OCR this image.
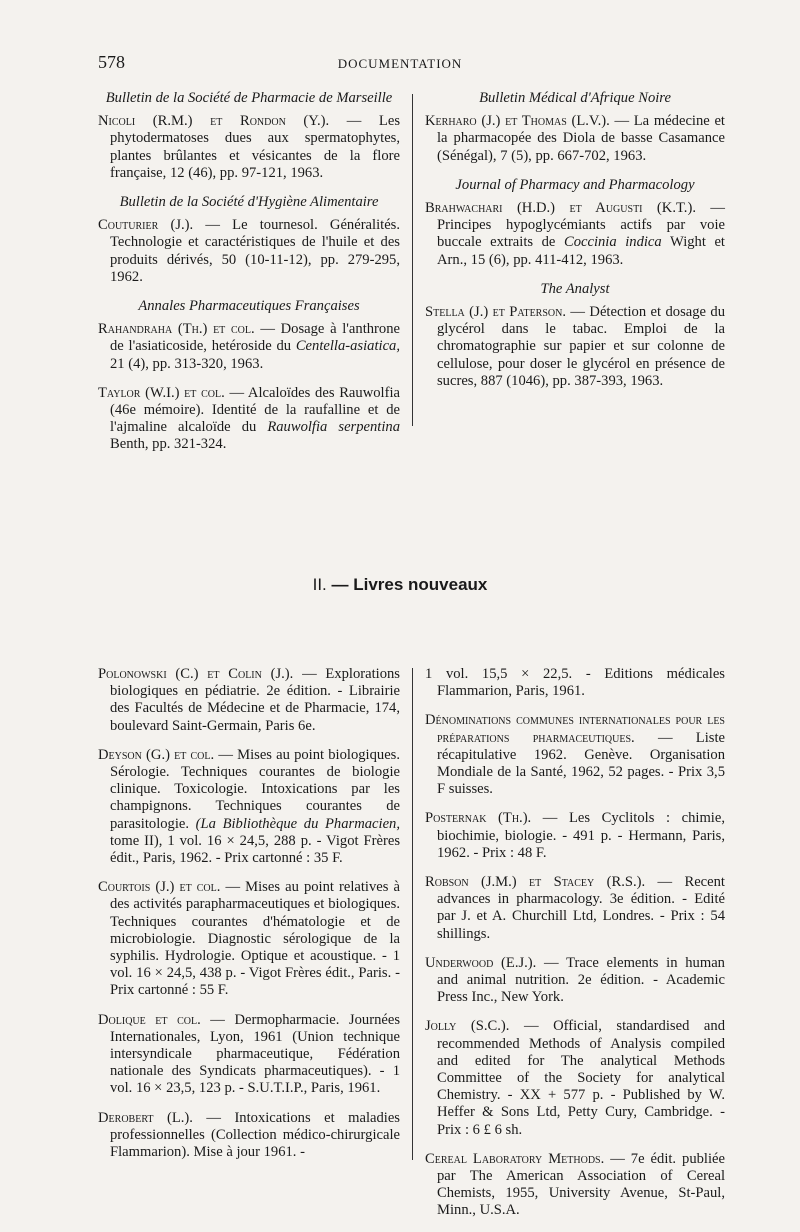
578	DOCUMENTATION

Bulletin de la Société de Pharmacie de Marseille

Nicoli (R.M.) et Rondon (Y.). — Les phytodermatoses dues aux spermatophytes, plantes brûlantes et vésicantes de la flore française, 12 (46), pp. 97-121, 1963.

Bulletin de la Société d'Hygiène Alimentaire

Couturier (J.). — Le tournesol. Généralités. Technologie et caractéristiques de l'huile et des produits dérivés, 50 (10-11-12), pp. 279-295, 1962.

Annales Pharmaceutiques Françaises

Rahandraha (Th.) et col. — Dosage à l'anthrone de l'asiaticoside, hetéroside du Centella-asiatica, 21 (4), pp. 313-320, 1963.

Taylor (W.I.) et col. — Alcaloïdes des Rauwolfia (46e mémoire). Identité de la raufalline et de l'ajmaline alcaloïde du Rauwolfia serpentina Benth, pp. 321-324.

Bulletin Médical d'Afrique Noire

Kerharo (J.) et Thomas (L.V.). — La médecine et la pharmacopée des Diola de basse Casamance (Sénégal), 7 (5), pp. 667-702, 1963.

Journal of Pharmacy and Pharmacology

Brahwachari (H.D.) et Augusti (K.T.). — Principes hypoglycémiants actifs par voie buccale extraits de Coccinia indica Wight et Arn., 15 (6), pp. 411-412, 1963.

The Analyst

Stella (J.) et Paterson. — Détection et dosage du glycérol dans le tabac. Emploi de la chromatographie sur papier et sur colonne de cellulose, pour doser le glycérol en présence de sucres, 887 (1046), pp. 387-393, 1963.

II. — Livres nouveaux

Polonowski (C.) et Colin (J.). — Explorations biologiques en pédiatrie. 2e édition. - Librairie des Facultés de Médecine et de Pharmacie, 174, boulevard Saint-Germain, Paris 6e.

Deyson (G.) et col. — Mises au point biologiques. Sérologie. Techniques courantes de biologie clinique. Toxicologie. Intoxications par les champignons. Techniques courantes de parasitologie. (La Bibliothèque du Pharmacien, tome II), 1 vol. 16 × 24,5, 288 p. - Vigot Frères édit., Paris, 1962. - Prix cartonné : 35 F.

Courtois (J.) et col. — Mises au point relatives à des activités parapharmaceutiques et biologiques. Techniques courantes d'hématologie et de microbiologie. Diagnostic sérologique de la syphilis. Hydrologie. Optique et acoustique. - 1 vol. 16 × 24,5, 438 p. - Vigot Frères édit., Paris. - Prix cartonné : 55 F.

Dolique et col. — Dermopharmacie. Journées Internationales, Lyon, 1961 (Union technique intersyndicale pharmaceutique, Fédération nationale des Syndicats pharmaceutiques). - 1 vol. 16 × 23,5, 123 p. - S.U.T.I.P., Paris, 1961.

Derobert (L.). — Intoxications et maladies professionnelles (Collection médico-chirurgicale Flammarion). Mise à jour 1961. -

1 vol. 15,5 × 22,5. - Editions médicales Flammarion, Paris, 1961.

Dénominations communes internationales pour les préparations pharmaceutiques. — Liste récapitulative 1962. Genève. Organisation Mondiale de la Santé, 1962, 52 pages. - Prix 3,5 F suisses.

Posternak (Th.). — Les Cyclitols : chimie, biochimie, biologie. - 491 p. - Hermann, Paris, 1962. - Prix : 48 F.

Robson (J.M.) et Stacey (R.S.). — Recent advances in pharmacology. 3e édition. - Edité par J. et A. Churchill Ltd, Londres. - Prix : 54 shillings.

Underwood (E.J.). — Trace elements in human and animal nutrition. 2e édition. - Academic Press Inc., New York.

Jolly (S.C.). — Official, standardised and recommended Methods of Analysis compiled and edited for The analytical Methods Committee of the Society for analytical Chemistry. - XX + 577 p. - Published by W. Heffer & Sons Ltd, Petty Cury, Cambridge. - Prix : 6 £ 6 sh.

Cereal Laboratory Methods. — 7e édit. publiée par The American Association of Cereal Chemists, 1955, University Avenue, St-Paul, Minn., U.S.A.
